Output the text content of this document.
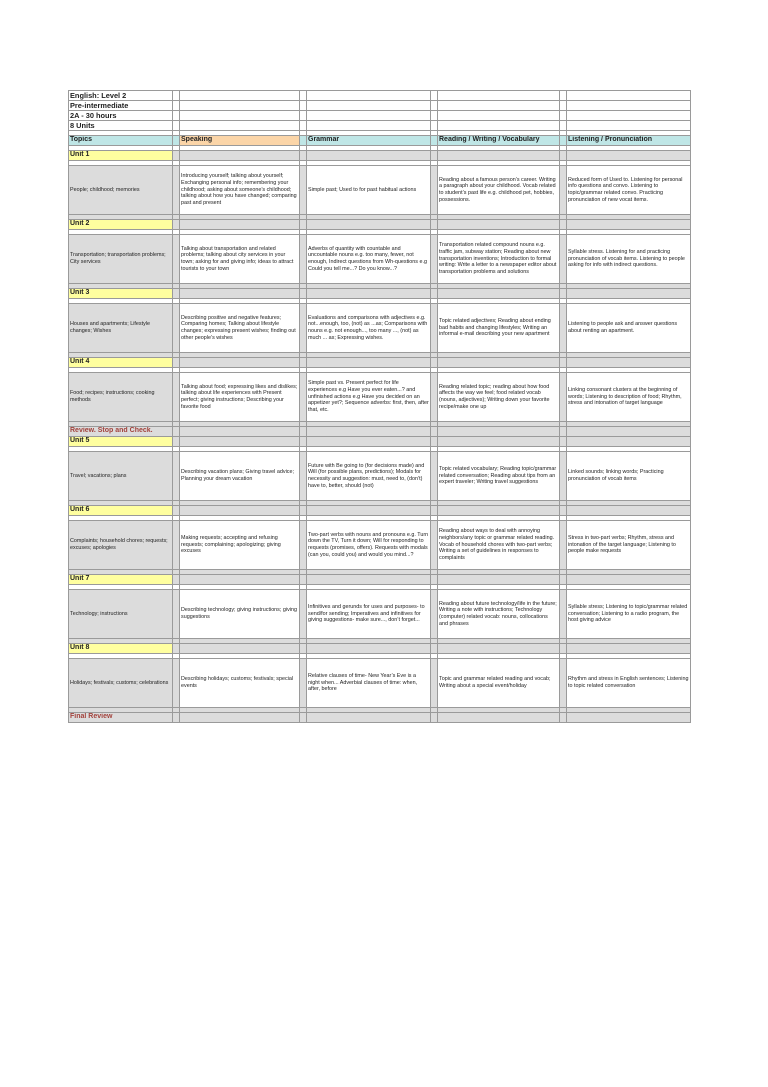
English: Level 2								
Pre-intermediate								
2A - 30 hours								
8 Units								

Topics		Speaking		Grammar		Reading / Writing / Vocabulary		Listening / Pronunciation

Unit 1								

People; childhood; memories		Introducing yourself; talking about yourself; Exchanging personal info; remembering your childhood; asking about someone’s childhood; talking about how you have changed; comparing past and present		Simple past; Used to for past habitual actions		Reading about a famous person’s career. Writing a paragraph about your childhood. Vocab related to student’s past life e.g. childhood pet, hobbies, possessions.		Reduced form of Used to. Listening for personal info questions and convo. Listening to topic/grammar related convo. Practicing pronunciation of new vocat items.

Unit 2								

Transportation; transportation problems; City services		Talking about transportation and related problems; talking about city services in your town; asking for and giving info; ideas to attract tourists to your town		Adverbs of quantity with countable and uncountable nouns e.g. too many, fewer, not enough, Indirect questions from Wh-questions e.g Could you tell me...? Do you know...?		Transportation related compound nouns e.g. traffic jam, subway station; Reading about new transportation inventions; Introduction to formal writing: Write a letter to a newspaper editor about transportation problems and solutions		Syllable stress. Listening for and practicing pronunciation of vocab items. Listening to people asking for info with indirect questions.

Unit 3								

Houses and apartments; Lifestyle changes; Wishes		Describing positive and negative features; Comparing homes; Talking about lifestyle changes; expressing present wishes; finding out other people’s wishes		Evaluations and comparisons with adjectives e.g. not...enough, too, (not) as ...as; Comparisons with nouns e.g. not enough..., too many ..., (not) as much ... as; Expressing wishes.		Topic related adjectives; Reading about ending bad habits and changing lifestyles; Writing an informal e-mail describing your new apartment		Listening to people ask and answer questions about renting an apartment.

Unit 4								

Food; recipes; instructions; cooking methods		Talking about food; expressing likes and dislikes; talking about life experiences with Present perfect; giving instructions; Describing your favorite food		Simple past vs. Present perfect for life experiences e.g Have you ever eaten...? and unfinished actions e.g Have you decided on an appetizer yet?; Sequence adverbs: first, then, after that, etc.		Reading related topic; reading about how food affects the way we feel; food related vocab (nouns, adjectives); Writing down your favorite recipe/make one up		Linking consonant clusters at the beginning of words; Listening to description of food; Rhythm, stress and intonation of target language

Review. Stop and Check.								
Unit 5								

Travel; vacations; plans		Describing vacation plans; Giving travel advice; Planning your dream vacation		Future with Be going to (for decisions made) and Will (for possible plans, predictions); Modals for necessity and suggestion: must, need to, (don’t) have to, better, should (not)		Topic related vocabulary; Reading topic/grammar related conversation; Reading about tips from an expert traveler; Writing travel suggestions		Linked sounds; linking words; Practicing pronunciation of vocab items

Unit 6								

Complaints; household chores; requests; excuses; apologies		Making requests; accepting and refusing requests; complaining; apologizing; giving excuses		Two-part verbs with nouns and pronouns e.g. Turn down the TV, Turn it down; Will for responding to requests (promises, offers). Requests with modals (can you, could you) and would you mind...?		Reading about ways to deal with annoying neighbors/any topic or grammar related reading. Vocab of household chores with two-part verbs; Writing a set of guidelines in responses to complaints		Stress in two-part verbs; Rhythm, stress and intonation of the target language; Listening to people make requests

Unit 7								

Technology; instructions		Describing technology; giving instructions; giving suggestions		Infinitives and gerunds for uses and purposes- to send/for sending; Imperatives and infinitives for giving suggestions- make sure..., don’t forget...		Reading about future technology/life in the future; Writing a note with instructions; Technology (computer) related vocab: nouns, collocations and phrases		Syllable stress; Listening to topic/grammar related conversation; Listening to a radio program, the host giving advice

Unit 8								

Holidays; festivals; customs; celebrations		Describing holidays; customs; festivals; special events		Relative clauses of time- New Year’s Eve is a night when... Adverbial clauses of time: when, after, before		Topic and grammar related reading and vocab; Writing about a special event/holiday		Rhythm and stress in English sentences; Listening to topic related conversation

Final Review								
